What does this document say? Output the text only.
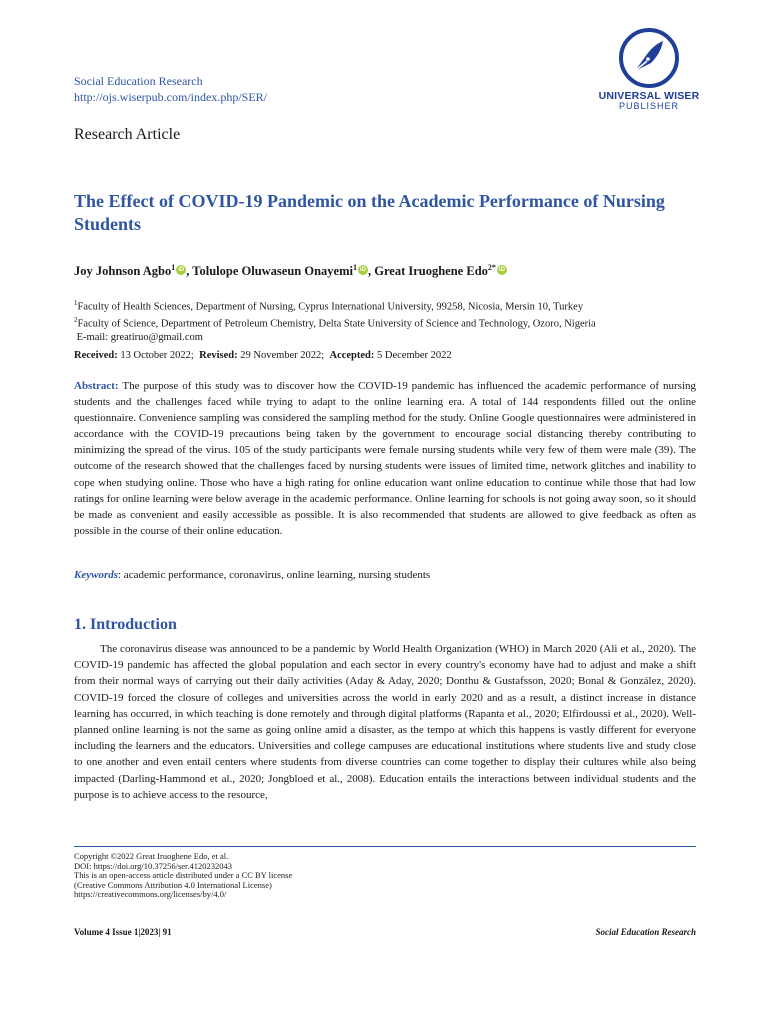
Social Education Research
http://ojs.wiserpub.com/index.php/SER/	UNIVERSAL WISER
PUBLISHER
Research Article
The Effect of COVID-19 Pandemic on the Academic Performance of Nursing Students
Joy Johnson Agbo$^1$ iD , Tolulope Oluwaseun Onayemi$^1$ iD , Great Iruoghene Edo$^{2*}$ iD
$^1$Faculty of Health Sciences, Department of Nursing, Cyprus International University, 99258, Nicosia, Mersin 10, Turkey
$^2$Faculty of Science, Department of Petroleum Chemistry, Delta State University of Science and Technology, Ozoro, Nigeria
E-mail: greatiruo@gmail.com
Received: 13 October 2022; Revised: 29 November 2022; Accepted: 5 December 2022
Abstract: The purpose of this study was to discover how the COVID-19 pandemic has influenced the academic performance of nursing students and the challenges faced while trying to adapt to the online learning era. A total of 144 respondents filled out the online questionnaire. Convenience sampling was considered the sampling method for the study. Online Google questionnaires were administered in accordance with the COVID-19 precautions being taken by the government to encourage social distancing thereby contributing to minimizing the spread of the virus. 105 of the study participants were female nursing students while very few of them were male (39). The outcome of the research showed that the challenges faced by nursing students were issues of limited time, network glitches and inability to cope when studying online. Those who have a high rating for online education want online education to continue while those that had low ratings for online learning were below average in the academic performance. Online learning for schools is not going away soon, so it should be made as convenient and easily accessible as possible. It is also recommended that students are allowed to give feedback as often as possible in the course of their online education.
Keywords: academic performance, coronavirus, online learning, nursing students
1. Introduction
The coronavirus disease was announced to be a pandemic by World Health Organization (WHO) in March 2020 (Ali et al., 2020). The COVID-19 pandemic has affected the global population and each sector in every country's economy have had to adjust and make a shift from their normal ways of carrying out their daily activities (Aday & Aday, 2020; Donthu & Gustafsson, 2020; Bonal & González, 2020). COVID-19 forced the closure of colleges and universities across the world in early 2020 and as a result, a distinct increase in distance learning has occurred, in which teaching is done remotely and through digital platforms (Rapanta et al., 2020; Elfirdoussi et al., 2020). Well-planned online learning is not the same as going online amid a disaster, as the tempo at which this happens is vastly different for everyone including the learners and the educators. Universities and college campuses are educational institutions where students live and study close to one another and even entail centers where students from diverse countries can come together to display their cultures while also being impacted (Darling-Hammond et al., 2020; Jongbloed et al., 2008). Education entails the interactions between individual students and the purpose is to achieve access to the resource,
Copyright ©2022 Great Iruoghene Edo, et al.
DOI: https://doi.org/10.37256/ser.4120232043
This is an open-access article distributed under a CC BY license
(Creative Commons Attribution 4.0 International License)
https://creativecommons.org/licenses/by/4.0/
Volume 4 Issue 1|2023| 91	Social Education Research
